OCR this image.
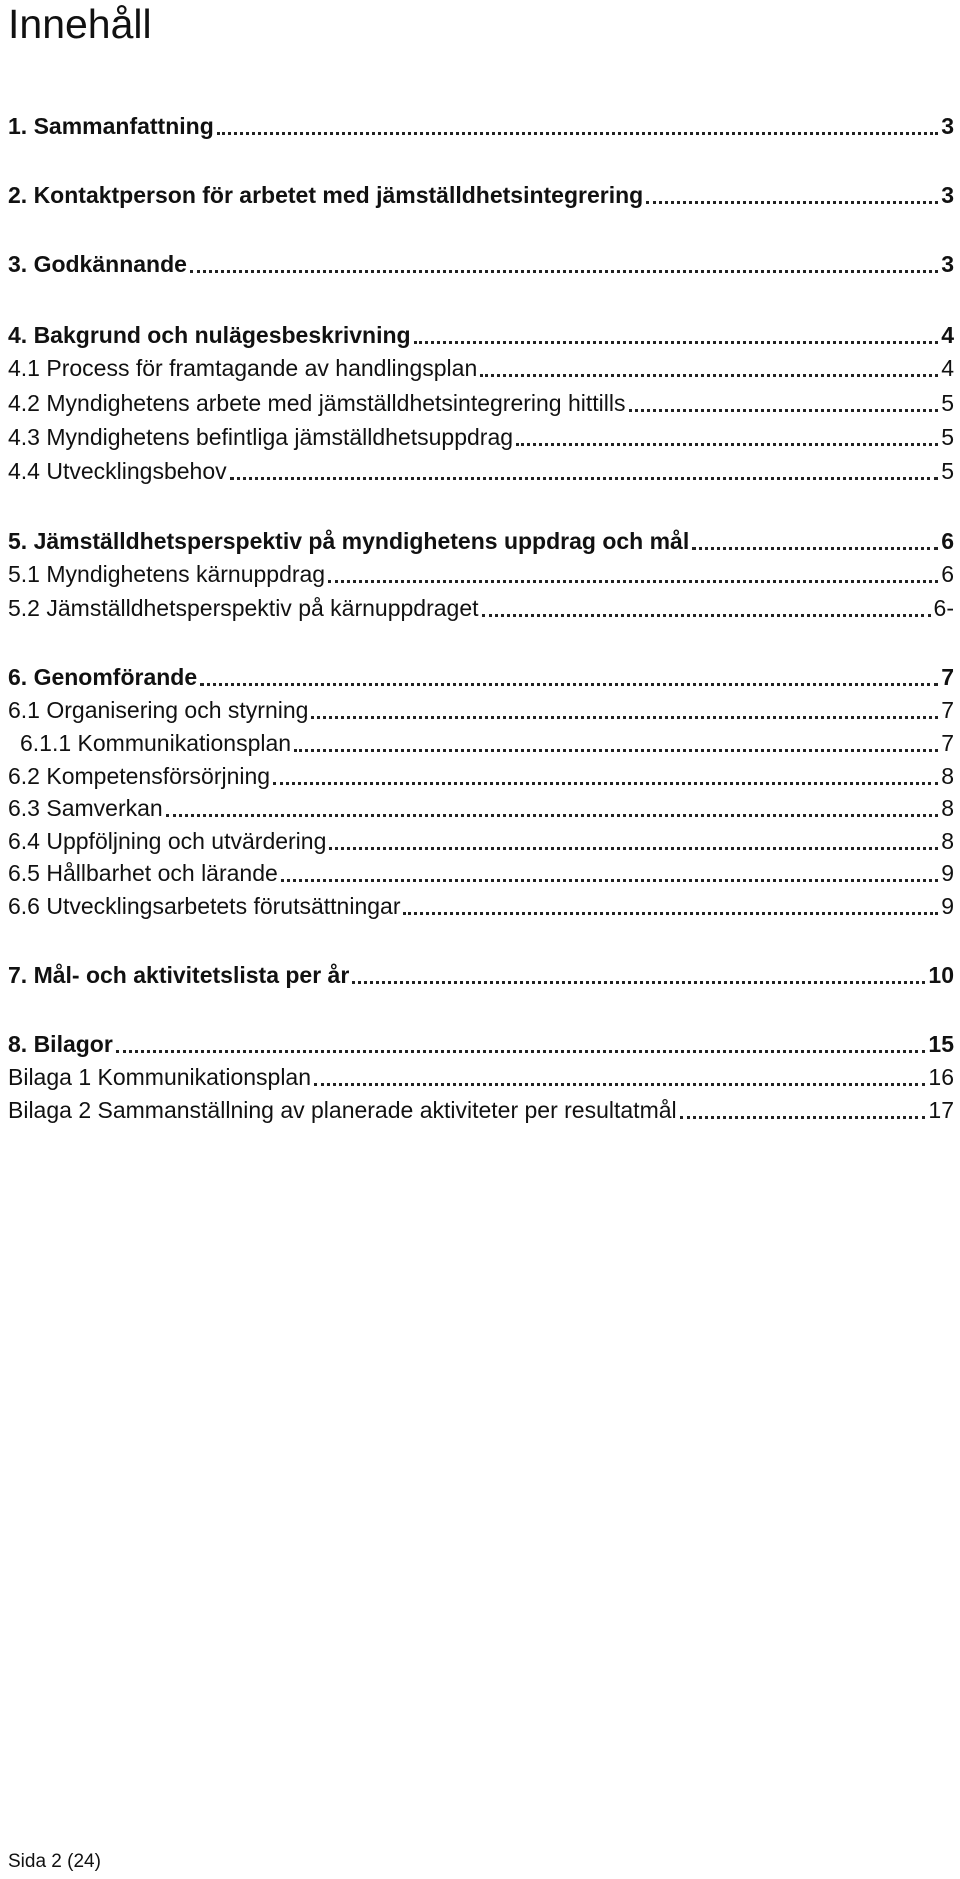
Innehåll
1. Sammanfattning	3
2. Kontaktperson för arbetet med jämställdhetsintegrering	3
3. Godkännande	3
4. Bakgrund och nulägesbeskrivning	4
4.1 Process för framtagande av handlingsplan	4
4.2 Myndighetens arbete med jämställdhetsintegrering hittills	5
4.3 Myndighetens befintliga jämställdhetsuppdrag	5
4.4 Utvecklingsbehov	5
5. Jämställdhetsperspektiv på myndighetens uppdrag och mål	6
5.1 Myndighetens kärnuppdrag	6
5.2 Jämställdhetsperspektiv på kärnuppdraget	6-
6. Genomförande	7
6.1 Organisering och styrning	7
6.1.1 Kommunikationsplan	7
6.2 Kompetensförsörjning	8
6.3 Samverkan	8
6.4 Uppföljning och utvärdering	8
6.5 Hållbarhet och lärande	9
6.6 Utvecklingsarbetets förutsättningar	9
7. Mål- och aktivitetslista per år	10
8. Bilagor	15
Bilaga 1 Kommunikationsplan	16
Bilaga 2 Sammanställning av planerade aktiviteter per resultatmål	17
Sida 2 (24)
